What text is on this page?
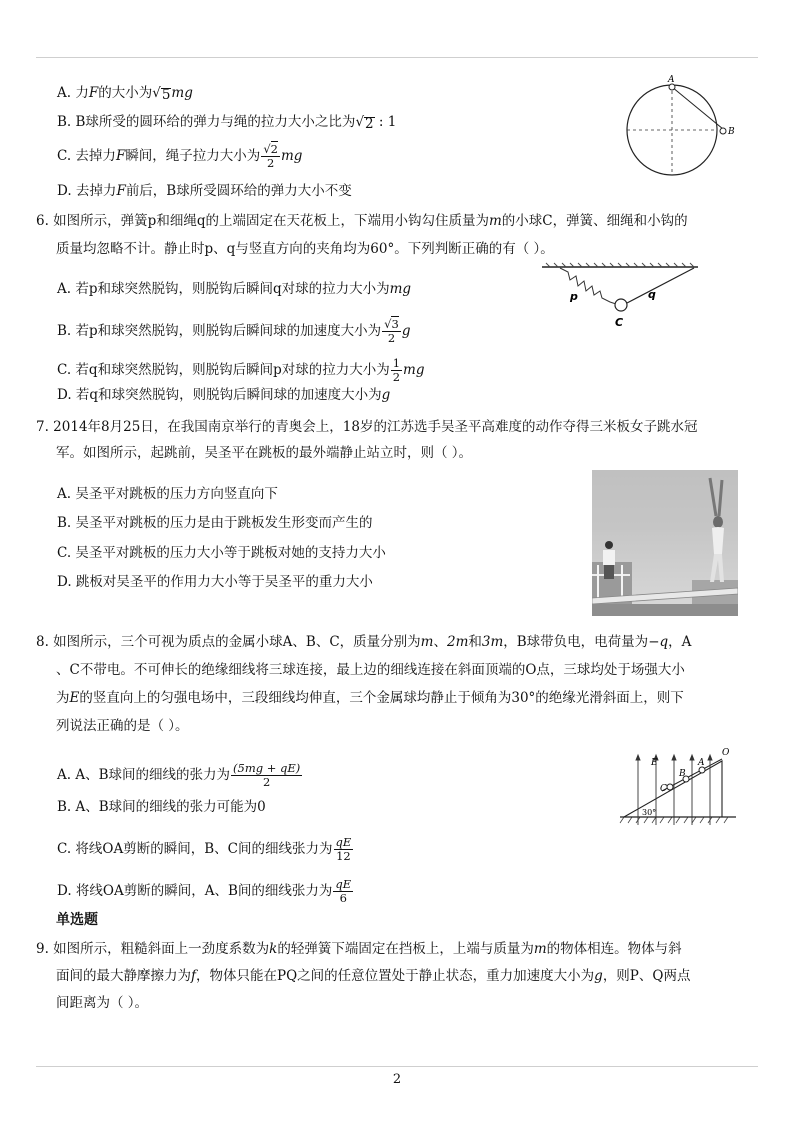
A. 力F的大小为√ 5 mg
B. B球所受的圆环给的弹力与绳的拉力大小之比为√ 2 : 1
C. 去掉力F瞬间，绳子拉力大小为 $\frac{√2}{2}$ mg
D. 去掉力F前后，B球所受圆环给的弹力大小不变
A
B
6. 如图所示，弹簧p和细绳q的上端固定在天花板上，下端用小钩勾住质量为m的小球C，弹簧、细绳和小钩的
质量均忽略不计。静止时p、q与竖直方向的夹角均为60°。下列判断正确的有（ ）。
A. 若p和球突然脱钩，则脱钩后瞬间q对球的拉力大小为mg
B. 若p和球突然脱钩，则脱钩后瞬间球的加速度大小为 $\frac{√3}{2}$ g
C. 若q和球突然脱钩，则脱钩后瞬间p对球的拉力大小为 $\frac{1}{2}$ mg
D. 若q和球突然脱钩，则脱钩后瞬间球的加速度大小为g
p	q
C
7. 2014年8月25日，在我国南京举行的青奥会上，18岁的江苏选手吴圣平高难度的动作夺得三米板女子跳水冠
军。如图所示，起跳前，吴圣平在跳板的最外端静止站立时，则（ ）。
A. 吴圣平对跳板的压力方向竖直向下
B. 吴圣平对跳板的压力是由于跳板发生形变而产生的
C. 吴圣平对跳板的压力大小等于跳板对她的支持力大小
D. 跳板对吴圣平的作用力大小等于吴圣平的重力大小
8. 如图所示，三个可视为质点的金属小球A、B、C，质量分别为m、2m和3m，B球带负电，电荷量为−q，A
、C不带电。不可伸长的绝缘细线将三球连接，最上边的细线连接在斜面顶端的O点，三球均处于场强大小
为E的竖直向上的匀强电场中，三段细线均伸直，三个金属球均静止于倾角为30°的绝缘光滑斜面上，则下
列说法正确的是（ ）。
A. A、B球间的细线的张力为 $\frac{(5mg + qE)}{2}$
B. A、B球间的细线的张力可能为0
C. 将线OA剪断的瞬间，B、C间的细线张力为 $\frac{qE}{12}$
D. 将线OA剪断的瞬间，A、B间的细线张力为 $\frac{qE}{6}$
O
A
B
C
E
30°
单选题
9. 如图所示，粗糙斜面上一劲度系数为k的轻弹簧下端固定在挡板上，上端与质量为m的物体相连。物体与斜
面间的最大静摩擦力为f，物体只能在PQ之间的任意位置处于静止状态，重力加速度大小为g，则P、Q两点
间距离为（ ）。
2
